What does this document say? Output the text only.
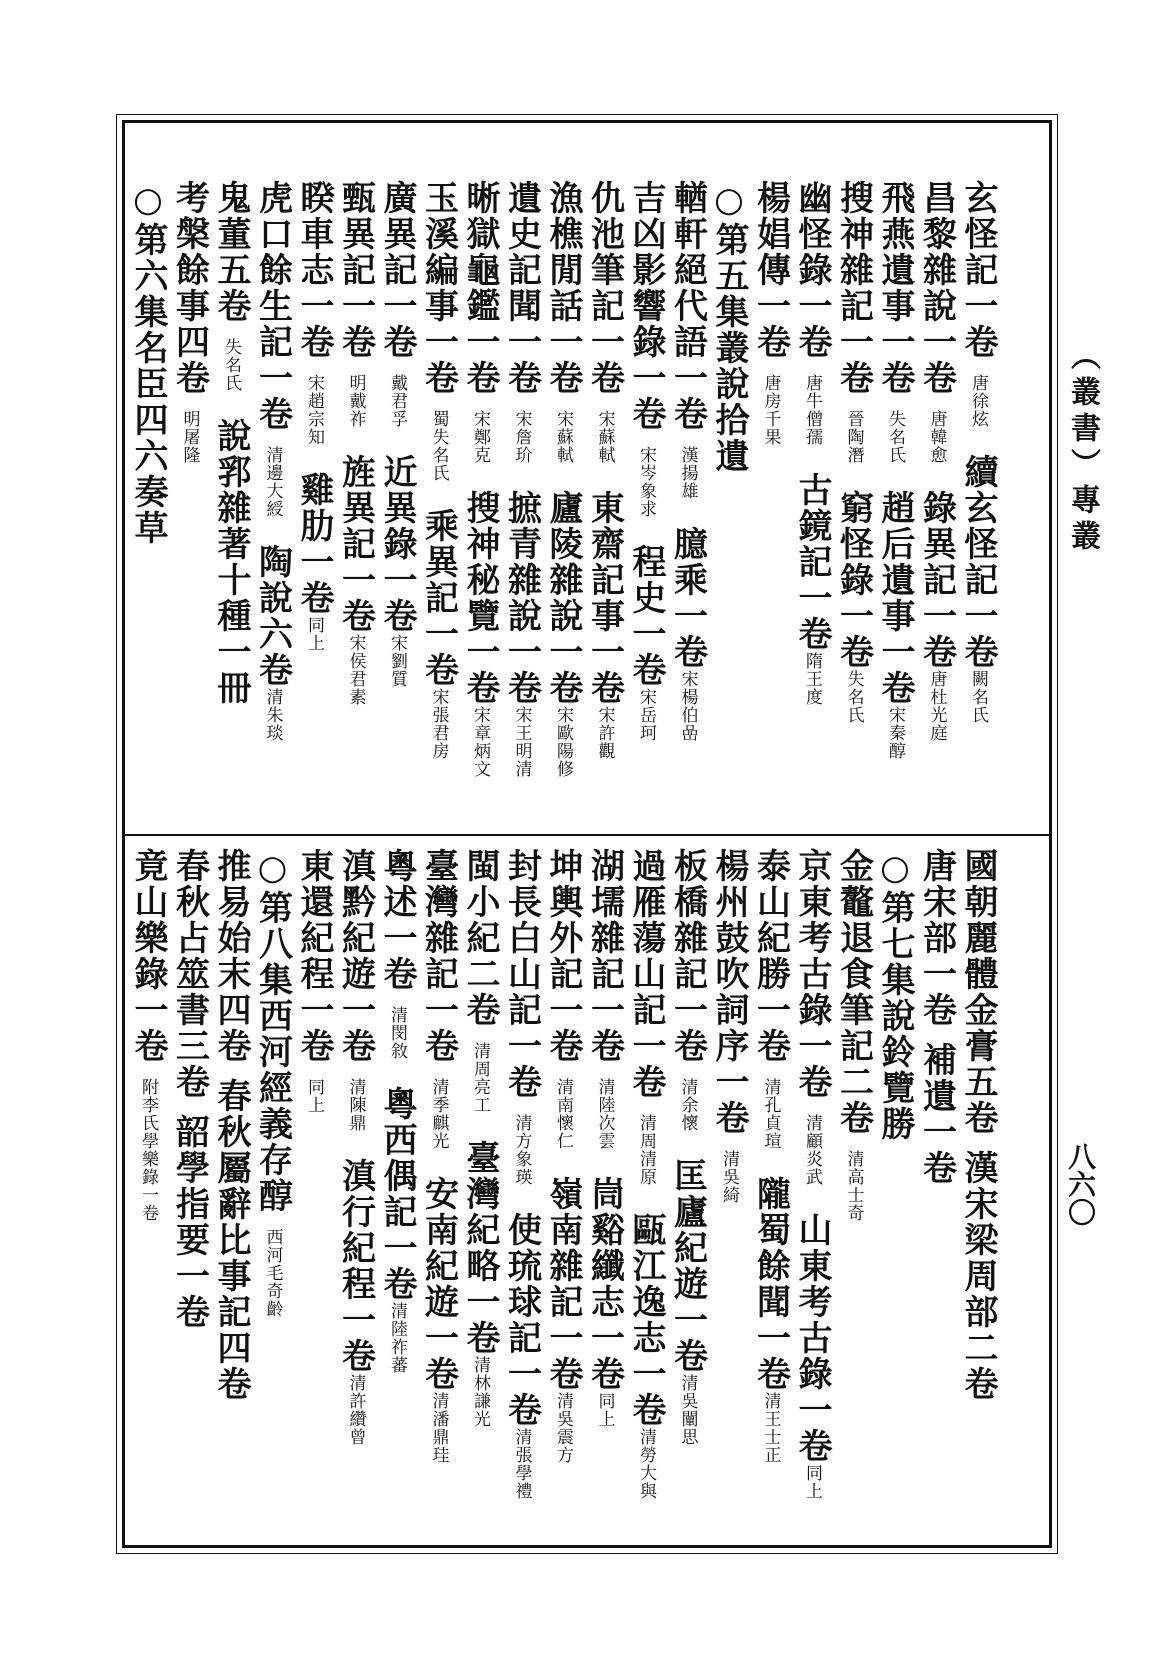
（叢書）專叢
八六〇
玄怪記一卷唐徐炫續玄怪記一卷闕名氏
昌黎雜說一卷唐韓愈錄異記一卷唐杜光庭
飛燕遺事一卷失名氏趙后遺事一卷宋秦醇
搜神雜記一卷晉陶潛窮怪錄一卷失名氏
幽怪錄一卷唐牛僧孺古鏡記一卷隋王度
楊娼傳一卷唐房千果
○第五集叢說拾遺
輶軒絕代語一卷漢揚雄臆乘一卷宋楊伯嵒
吉凶影響錄一卷宋岑象求程史一卷宋岳珂
仇池筆記一卷宋蘇軾東齋記事一卷宋許觀
漁樵閒話一卷宋蘇軾廬陵雜說一卷宋歐陽修
遺史記聞一卷宋詹玠摭青雜說一卷宋王明清
晰獄龜鑑一卷宋鄭克搜神秘覽一卷宋章炳文
玉溪編事一卷蜀失名氏乘異記一卷宋張君房
廣異記一卷戴君孚近異錄一卷宋劉質
甄異記一卷明戴祚旌異記一卷宋侯君素
睽車志一卷宋趙宗知雞肋一卷同上
虎口餘生記一卷清邊大綬陶說六卷清朱琰
鬼董五卷失名氏說郛雜著十種一冊
考槃餘事四卷明屠隆
○第六集名臣四六奏草
國朝麗體金膏五卷漢宋梁周部二卷
唐宋部一卷補遺一卷
○第七集說鈴覽勝
金鼇退食筆記二卷清高士奇
京東考古錄一卷清顧炎武山東考古錄一卷同上
泰山紀勝一卷清孔貞瑄隴蜀餘聞一卷清王士正
楊州鼓吹詞序一卷清吳綺
板橋雜記一卷清余懷匡廬紀遊一卷清吳闡思
過雁蕩山記一卷清周清原甌江逸志一卷清勞大與
湖壖雜記一卷清陸次雲峝谿纖志一卷同上
坤輿外記一卷清南懷仁嶺南雜記一卷清吳震方
封長白山記一卷清方象瑛使琉球記一卷清張學禮
閩小紀二卷清周亮工臺灣紀略一卷清林謙光
臺灣雜記一卷清季麒光安南紀遊一卷清潘鼎珪
粵述一卷清閔敘粵西偶記一卷清陸祚蕃
滇黔紀遊一卷清陳鼎滇行紀程一卷清許纘曾
東還紀程一卷同上
○第八集西河經義存醇西河毛奇齡
推易始末四卷春秋屬辭比事記四卷
春秋占筮書三卷韶學指要一卷
竟山樂錄一卷附李氏學樂錄一卷
